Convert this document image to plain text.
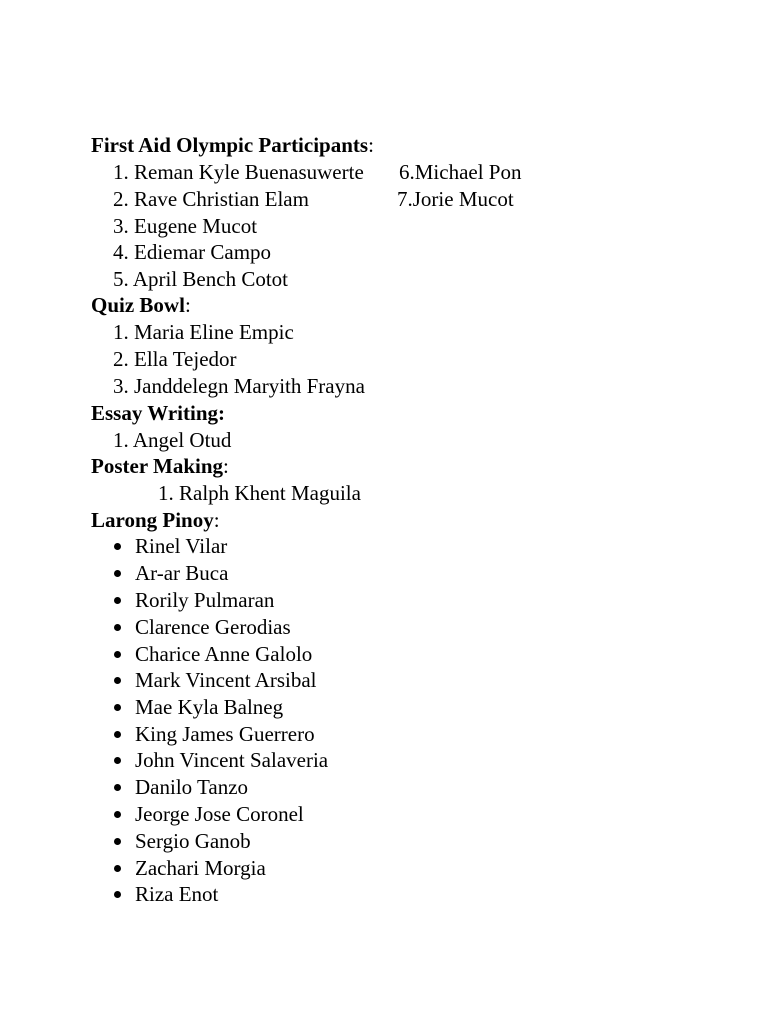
First Aid Olympic Participants:
1. Reman Kyle Buenasuwerte 6.Michael Pon
2. Rave Christian Elam	7.Jorie Mucot
3. Eugene Mucot
4. Ediemar Campo
5. April Bench Cotot
Quiz Bowl:
1. Maria Eline Empic
2. Ella Tejedor
3. Janddelegn Maryith Frayna
Essay Writing:
1. Angel Otud
Poster Making:
1. Ralph Khent Maguila
Larong Pinoy:
Rinel Vilar
Ar-ar Buca
Rorily Pulmaran
Clarence Gerodias
Charice Anne Galolo
Mark Vincent Arsibal
Mae Kyla Balneg
King James Guerrero
John Vincent Salaveria
Danilo Tanzo
Jeorge Jose Coronel
Sergio Ganob
Zachari Morgia
Riza Enot
